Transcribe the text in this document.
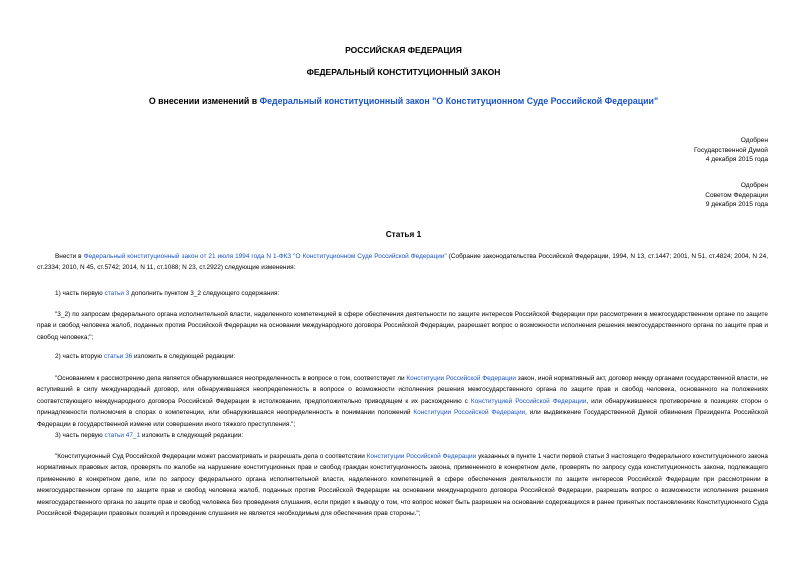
РОССИЙСКАЯ ФЕДЕРАЦИЯ
ФЕДЕРАЛЬНЫЙ КОНСТИТУЦИОННЫЙ ЗАКОН
О внесении изменений в Федеральный конституционный закон "О Конституционном Суде Российской Федерации"
Одобрен
Государственной Думой
4 декабря 2015 года
Одобрен
Советом Федерации
9 декабря 2015 года
Статья 1

Внести в Федеральный конституционный закон от 21 июля 1994 года N 1-ФКЗ "О Конституционном Суде Российской Федерации" (Собрание законодательства Российской Федерации, 1994, N 13, ст.1447; 2001, N 51, ст.4824; 2004, N 24, ст.2334; 2010, N 45, ст.5742; 2014, N 11, ст.1088; N 23, ст.2922) следующие изменения:

1) часть первую статьи 3 дополнить пунктом 3_2 следующего содержания:

"3_2) по запросам федерального органа исполнительной власти, наделенного компетенцией в сфере обеспечения деятельности по защите интересов Российской Федерации при рассмотрении в межгосударственном органе по защите прав и свобод человека жалоб, поданных против Российской Федерации на основании международного договора Российской Федерации, разрешает вопрос о возможности исполнения решения межгосударственного органа по защите прав и свобод человека;";

2) часть вторую статьи 36 изложить в следующей редакции:

"Основанием к рассмотрению дела является обнаружившаяся неопределенность в вопросе о том, соответствует ли Конституции Российской Федерации закон, иной нормативный акт, договор между органами государственной власти, не вступивший в силу международный договор, или обнаружившаяся неопределенность в вопросе о возможности исполнения решения межгосударственного органа по защите прав и свобод человека, основанного на положениях соответствующего международного договора Российской Федерации в истолковании, предположительно приводящем к их расхождению с Конституцией Российской Федерации, или обнаружившееся противоречие в позициях сторон о принадлежности полномочия в спорах о компетенции, или обнаружившаяся неопределенность в понимании положений Конституции Российской Федерации, или выдвижение Государственной Думой обвинения Президента Российской Федерации в государственной измене или совершении иного тяжкого преступления.";

3) часть первую статьи 47_1 изложить в следующей редакции:

"Конституционный Суд Российской Федерации может рассматривать и разрешать дела о соответствии Конституции Российской Федерации указанных в пункте 1 части первой статьи 3 настоящего Федерального конституционного закона нормативных правовых актов, проверять по жалобе на нарушение конституционных прав и свобод граждан конституционность закона, примененного в конкретном деле, проверять по запросу суда конституционность закона, подлежащего применению в конкретном деле, или по запросу федерального органа исполнительной власти, наделенного компетенцией в сфере обеспечения деятельности по защите интересов Российской Федерации при рассмотрении в межгосударственном органе по защите прав и свобод человека жалоб, поданных против Российской Федерации на основании международного договора Российской Федерации, разрешать вопрос о возможности исполнения решения межгосударственного органа по защите прав и свобод человека без проведения слушания, если придет к выводу о том, что вопрос может быть разрешен на основании содержащихся в ранее принятых постановлениях Конституционного Суда Российской Федерации правовых позиций и проведение слушания не является необходимым для обеспечения прав стороны.";
